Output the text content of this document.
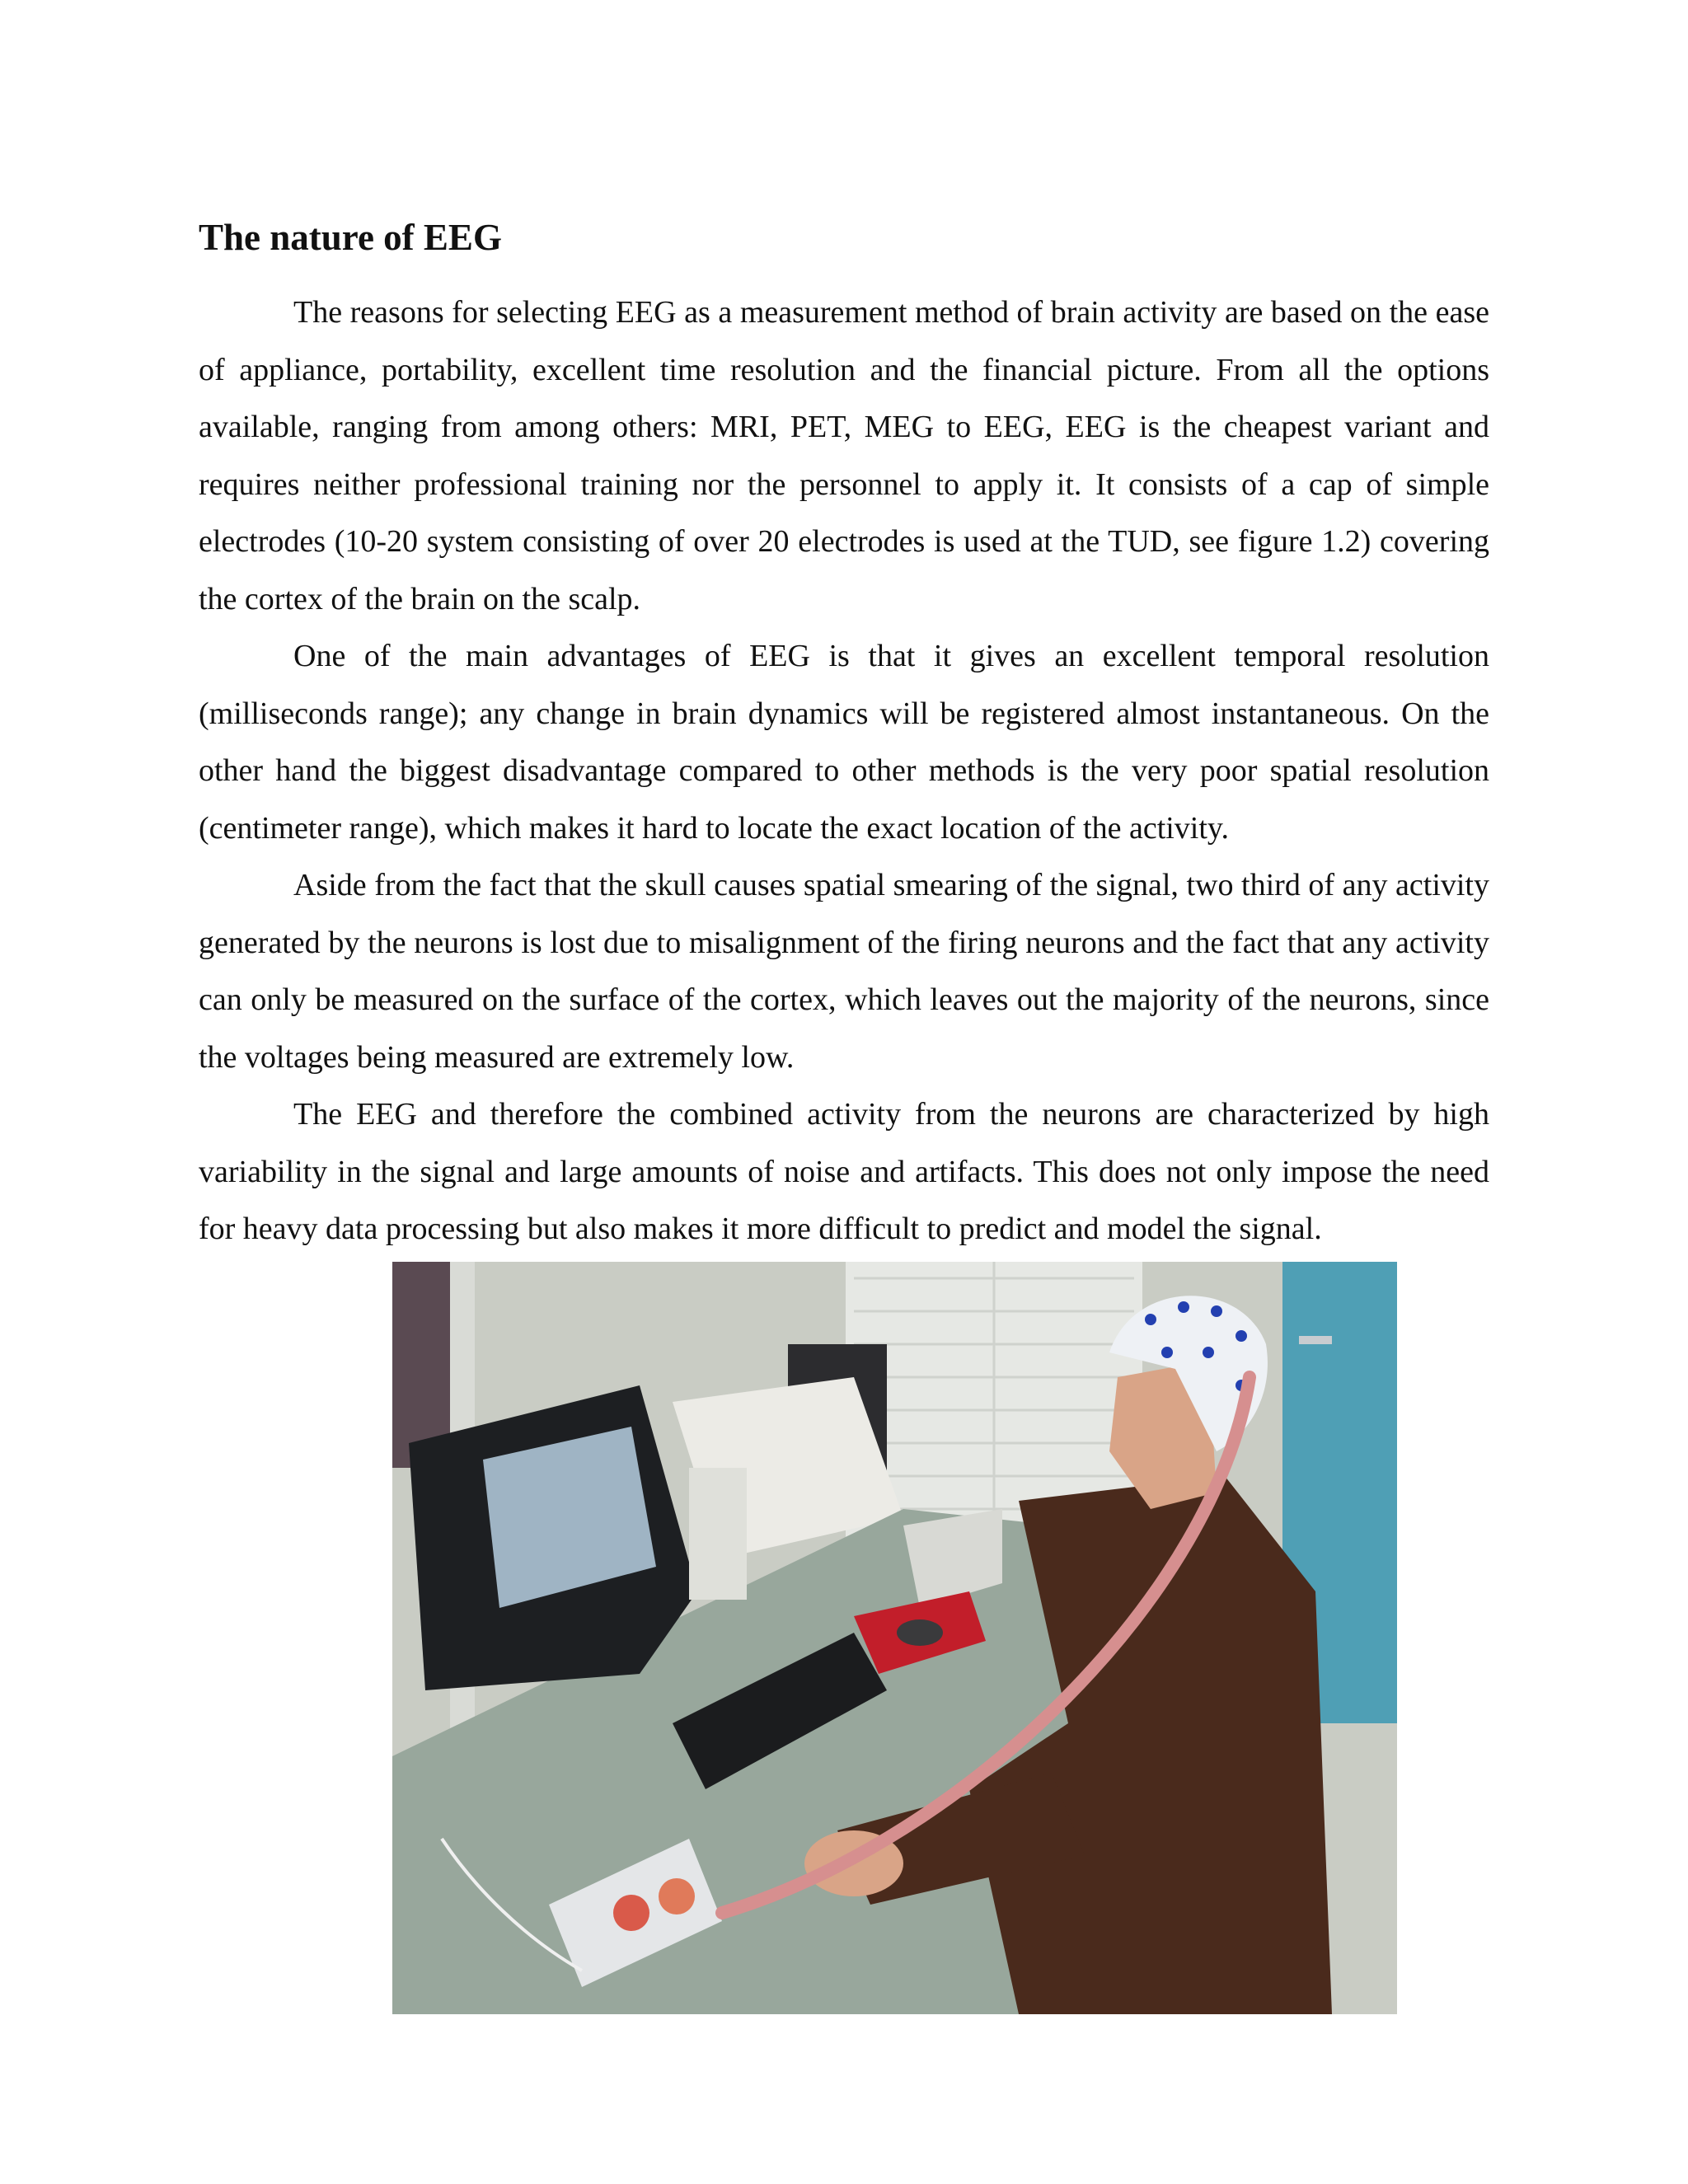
The nature of EEG

The reasons for selecting EEG as a measurement method of brain activity are based on the ease of appliance, portability, excellent time resolution and the financial picture. From all the options available, ranging from among others: MRI, PET, MEG to EEG, EEG is the cheapest variant and requires neither professional training nor the personnel to apply it. It consists of a cap of simple electrodes (10-20 system consisting of over 20 electrodes is used at the TUD, see figure 1.2) covering the cortex of the brain on the scalp.

One of the main advantages of EEG is that it gives an excellent temporal resolution (milliseconds range); any change in brain dynamics will be registered almost instantaneous. On the other hand the biggest disadvantage compared to other methods is the very poor spatial resolution (centimeter range), which makes it hard to locate the exact location of the activity.

Aside from the fact that the skull causes spatial smearing of the signal, two third of any activity generated by the neurons is lost due to misalignment of the firing neurons and the fact that any activity can only be measured on the surface of the cortex, which leaves out the majority of the neurons, since the voltages being measured are extremely low.

The EEG and therefore the combined activity from the neurons are characterized by high variability in the signal and large amounts of noise and artifacts. This does not only impose the need for heavy data processing but also makes it more difficult to predict and model the signal.
